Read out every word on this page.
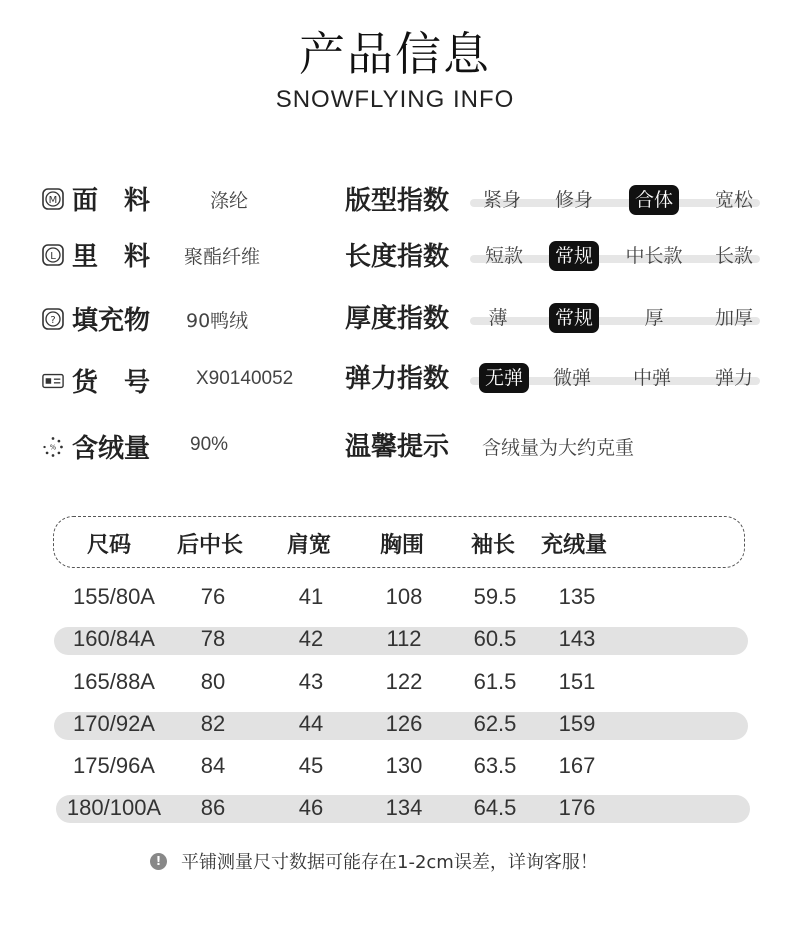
产品信息
SNOWFLYING INFO
M 面　料	涤纶
L 里　料 聚酯纤维
? 填充物 90鸭绒
货　号 X90140052
% 含绒量 90%
版型指数	紧身	修身	合体	宽松
长度指数	短款	常规	中长款	长款
厚度指数	薄	常规	厚	加厚
弹力指数	无弹	微弹	中弹	弹力
温馨提示 含绒量为大约克重
尺码 后中长 肩宽 胸围 袖长 充绒量
155/80A 76	41	108 59.5 135
160/84A 78	42	112 60.5 143
165/88A 80	43	122 61.5 151
170/92A 82	44	126 62.5 159
175/96A 84	45	130 63.5 167
180/100A 86	46	134 64.5 176
!	平铺测量尺寸数据可能存在1-2cm误差，详询客服！
